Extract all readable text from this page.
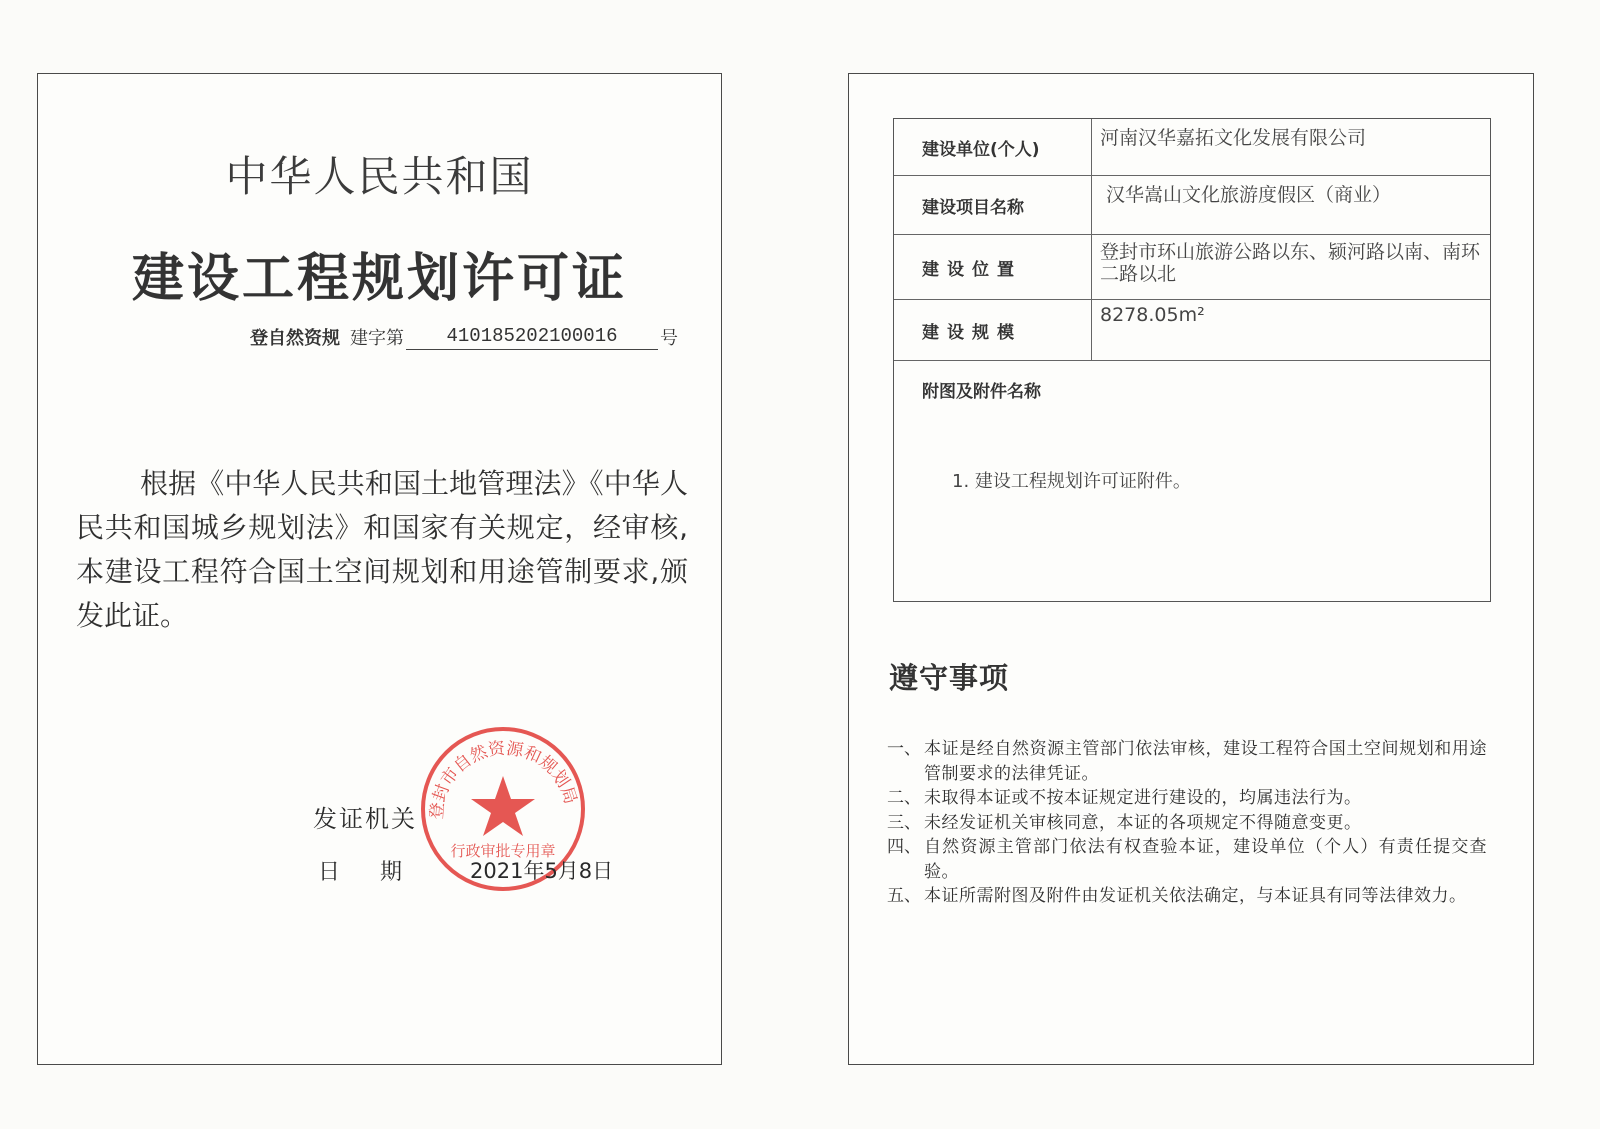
中华人民共和国
建设工程规划许可证
登自然资规 建字第	410185202100016	号
根据《中华人民共和国土地管理法》《中华人民共和国城乡规划法》和国家有关规定，经审核,本建设工程符合国土空间规划和用途管制要求,颁发此证。
登封市自然资源和规划局
行政审批专用章
发证机关
日期 2021年5月8日
建设单位(个人)
河南汉华嘉拓文化发展有限公司
建设项目名称
汉华嵩山文化旅游度假区（商业）
建设位置
登封市环山旅游公路以东、颍河路以南、南环二路以北
建设规模
8278.05m²
附图及附件名称
1. 建设工程规划许可证附件。
遵守事项
一、 本证是经自然资源主管部门依法审核，建设工程符合国土空间规划和用途管制要求的法律凭证。
二、 未取得本证或不按本证规定进行建设的，均属违法行为。
三、 未经发证机关审核同意，本证的各项规定不得随意变更。
四、 自然资源主管部门依法有权查验本证，建设单位（个人）有责任提交查验。
五、 本证所需附图及附件由发证机关依法确定，与本证具有同等法律效力。
